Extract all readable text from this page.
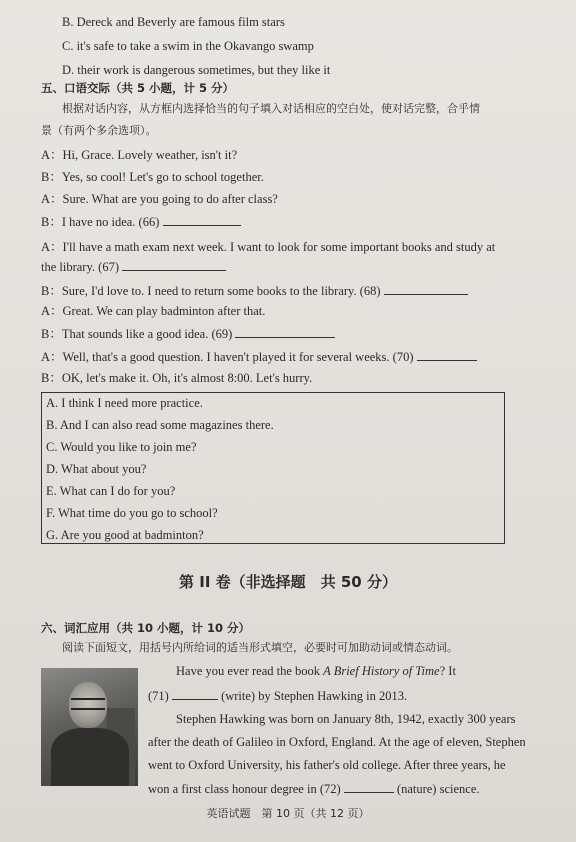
B. Dereck and Beverly are famous film stars
C. it's safe to take a swim in the Okavango swamp
D. their work is dangerous sometimes, but they like it
五、口语交际（共 5 小题，计 5 分）
根据对话内容，从方框内选择恰当的句子填入对话相应的空白处，使对话完整，合乎情
景（有两个多余选项）。
A：Hi, Grace. Lovely weather, isn't it?
B：Yes, so cool! Let's go to school together.
A：Sure. What are you going to do after class?
B：I have no idea. (66)
A：I'll have a math exam next week. I want to look for some important books and study at
the library. (67)
B：Sure, I'd love to. I need to return some books to the library. (68)
A：Great. We can play badminton after that.
B：That sounds like a good idea. (69)
A：Well, that's a good question. I haven't played it for several weeks. (70)
B：OK, let's make it. Oh, it's almost 8:00. Let's hurry.
A. I think I need more practice.
B. And I can also read some magazines there.
C. Would you like to join me?
D. What about you?
E. What can I do for you?
F. What time do you go to school?
G. Are you good at badminton?
第 II 卷（非选择题　共 50 分）
六、词汇应用（共 10 小题，计 10 分）
阅读下面短文，用括号内所给词的适当形式填空，必要时可加助动词或情态动词。
Have you ever read the book A Brief History of Time? It
(71)	(write) by Stephen Hawking in 2013.
Stephen Hawking was born on January 8th, 1942, exactly 300 years
after the death of Galileo in Oxford, England. At the age of eleven, Stephen
went to Oxford University, his father's old college. After three years, he
won a first class honour degree in (72)	(nature) science.
英语试题　第 10 页（共 12 页）
